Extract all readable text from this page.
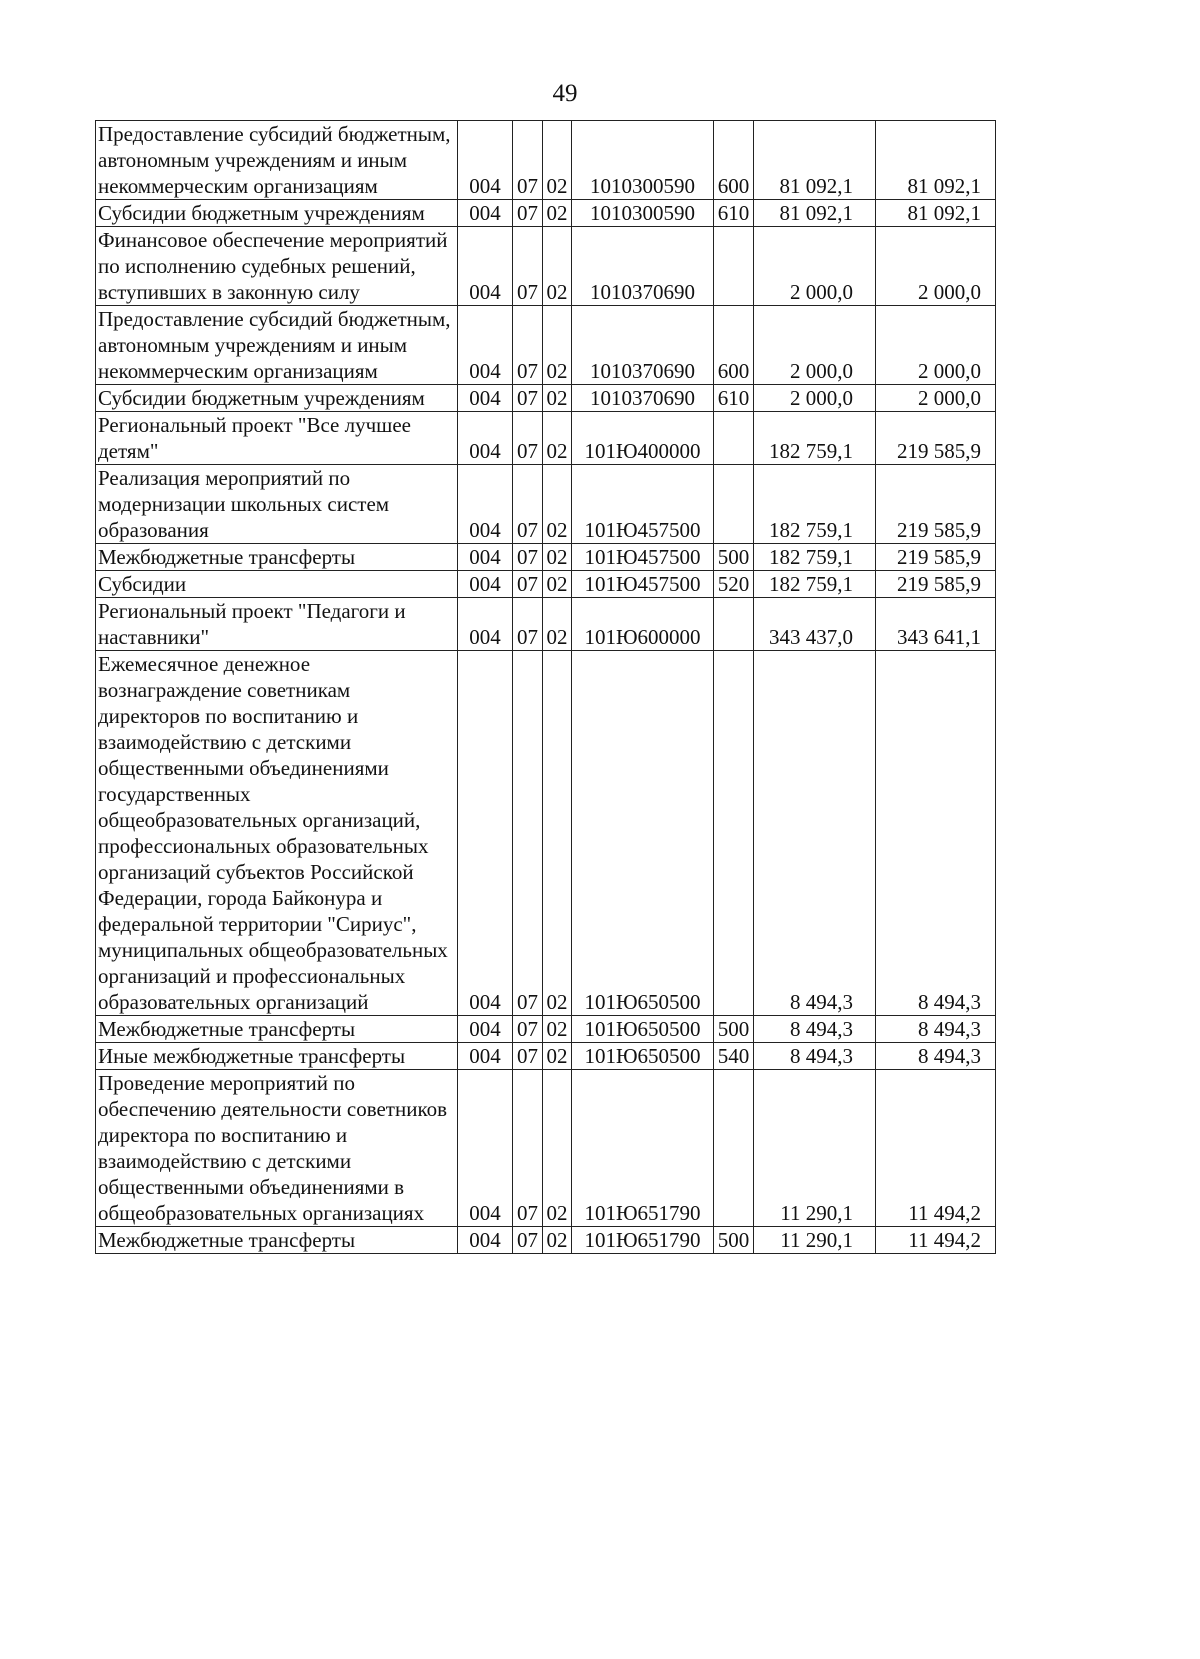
49
Предоставление субсидий бюджетным, автономным учреждениям и иным некоммерческим организациям	004	07	02	1010300590	600	81 092,1	81 092,1
Субсидии бюджетным учреждениям	004	07	02	1010300590	610	81 092,1	81 092,1
Финансовое обеспечение мероприятий по исполнению судебных решений, вступивших в законную силу	004	07	02	1010370690		2 000,0	2 000,0
Предоставление субсидий бюджетным, автономным учреждениям и иным некоммерческим организациям	004	07	02	1010370690	600	2 000,0	2 000,0
Субсидии бюджетным учреждениям	004	07	02	1010370690	610	2 000,0	2 000,0
Региональный проект "Все лучшее детям"	004	07	02	101Ю400000		182 759,1	219 585,9
Реализация мероприятий по модернизации школьных систем образования	004	07	02	101Ю457500		182 759,1	219 585,9
Межбюджетные трансферты	004	07	02	101Ю457500	500	182 759,1	219 585,9
Субсидии	004	07	02	101Ю457500	520	182 759,1	219 585,9
Региональный проект "Педагоги и наставники"	004	07	02	101Ю600000		343 437,0	343 641,1
Ежемесячное денежное вознаграждение советникам директоров по воспитанию и взаимодействию с детскими общественными объединениями государственных общеобразовательных организаций, профессиональных образовательных организаций субъектов Российской Федерации, города Байконура и федеральной территории "Сириус", муниципальных общеобразовательных организаций и профессиональных образовательных организаций	004	07	02	101Ю650500		8 494,3	8 494,3
Межбюджетные трансферты	004	07	02	101Ю650500	500	8 494,3	8 494,3
Иные межбюджетные трансферты	004	07	02	101Ю650500	540	8 494,3	8 494,3
Проведение мероприятий по обеспечению деятельности советников директора по воспитанию и взаимодействию с детскими общественными объединениями в общеобразовательных организациях	004	07	02	101Ю651790		11 290,1	11 494,2
Межбюджетные трансферты	004	07	02	101Ю651790	500	11 290,1	11 494,2
